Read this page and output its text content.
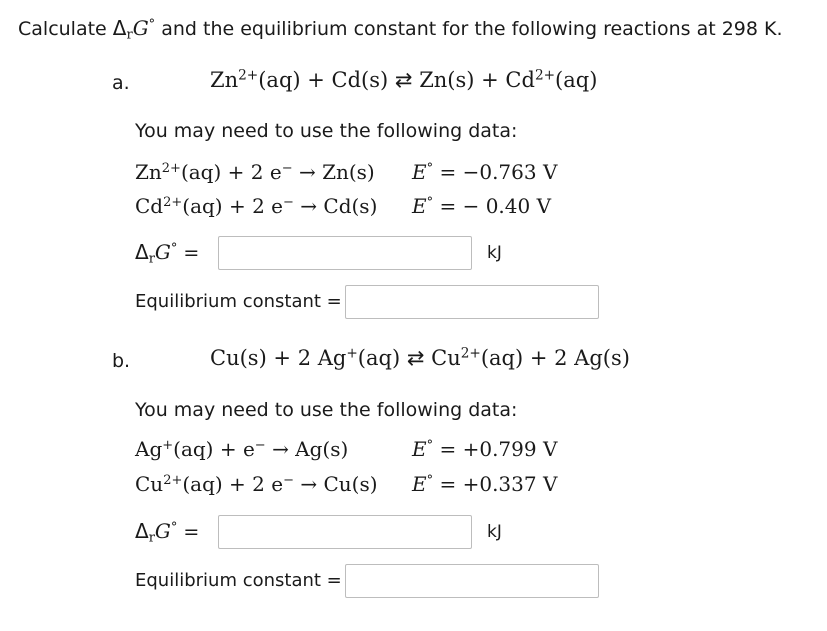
Calculate $\Delta_rG^\circ$ and the equilibrium constant for the following reactions at 298 K.
a.	$Zn^{2+}(aq) + Cd(s)$ ⇄ $Zn(s) + Cd^{2+}(aq)$
You may need to use the following data:
$Zn^{2+}(aq) + 2$ e− → Zn(s) E° = −0.763 V
$Cd^{2+}(aq) + 2$ e− → Cd(s) E° = − 0.40 V
$\Delta_rG^\circ$ =	kJ
Equilibrium constant =
b.	Cu(s) + 2 Ag+(aq) ⇄ $Cu^{2+}(aq) + 2$ Ag(s)
You may need to use the following data:
Ag+(aq) + e− → Ag(s)	E° = +0.799 V
$Cu^{2+}(aq) + 2$ e− → Cu(s) E° = +0.337 V
$\Delta_rG^\circ$ =	kJ
Equilibrium constant =
